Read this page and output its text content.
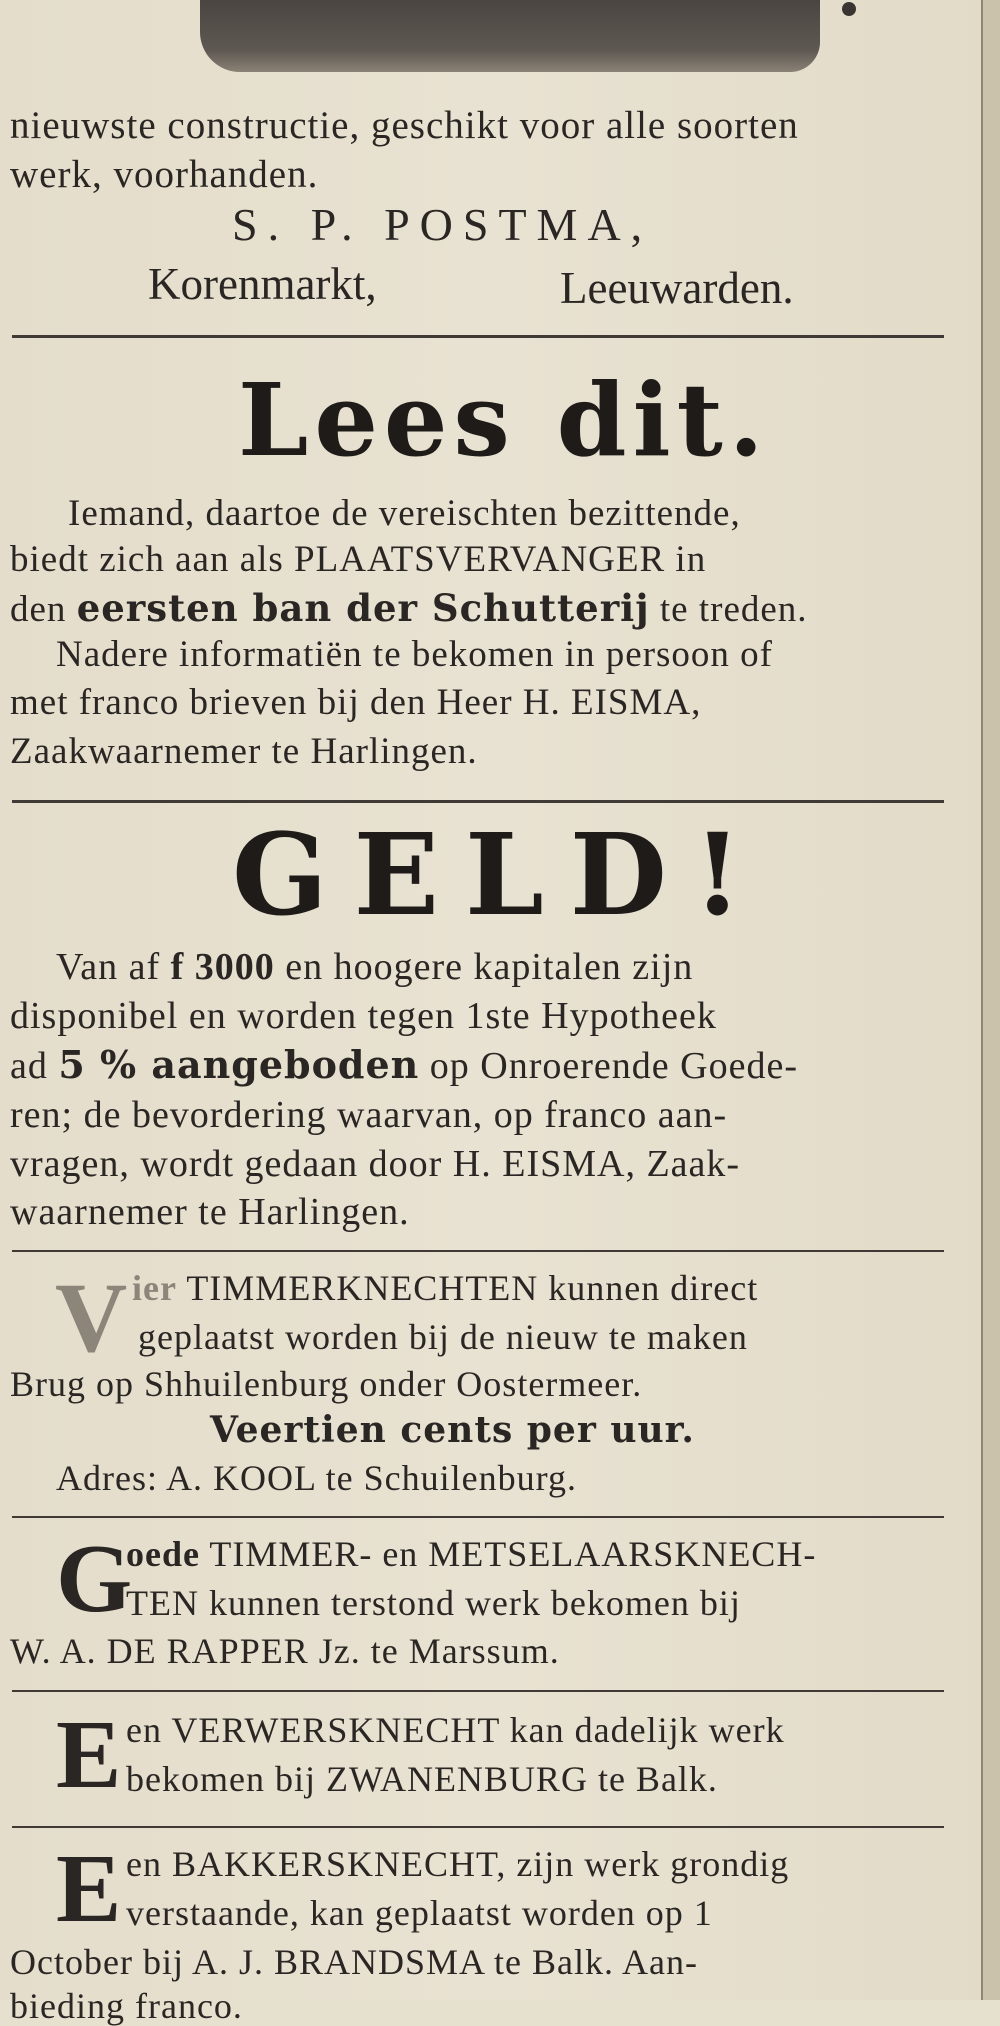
nieuwste constructie, geschikt voor alle soorten
werk, voorhanden.
S. P. POSTMA,
Korenmarkt,	Leeuwarden.
Lees dit.
Iemand, daartoe de vereischten bezittende,
biedt zich aan als PLAATSVERVANGER in
den eersten ban der Schutterij te treden.
Nadere informatiën te bekomen in persoon of
met franco brieven bij den Heer H. EISMA,
Zaakwaarnemer te Harlingen.
GELD!
Van af f 3000 en hoogere kapitalen zijn
disponibel en worden tegen 1ste Hypotheek
ad 5 % aangeboden op Onroerende Goede-
ren; de bevordering waarvan, op franco aan-
vragen, wordt gedaan door H. EISMA, Zaak-
waarnemer te Harlingen.
V ier TIMMERKNECHTEN kunnen direct
geplaatst worden bij de nieuw te maken
Brug op Shhuilenburg onder Oostermeer.
Veertien cents per uur.
Adres: A. KOOL te Schuilenburg.
G
oede TIMMER- en METSELAARSKNECH-
TEN kunnen terstond werk bekomen bij
W. A. DE RAPPER Jz. te Marssum.
E en VERWERSKNECHT kan dadelijk werk
bekomen bij ZWANENBURG te Balk.
E en BAKKERSKNECHT, zijn werk grondig
verstaande, kan geplaatst worden op 1
October bij A. J. BRANDSMA te Balk. Aan-
bieding franco.
